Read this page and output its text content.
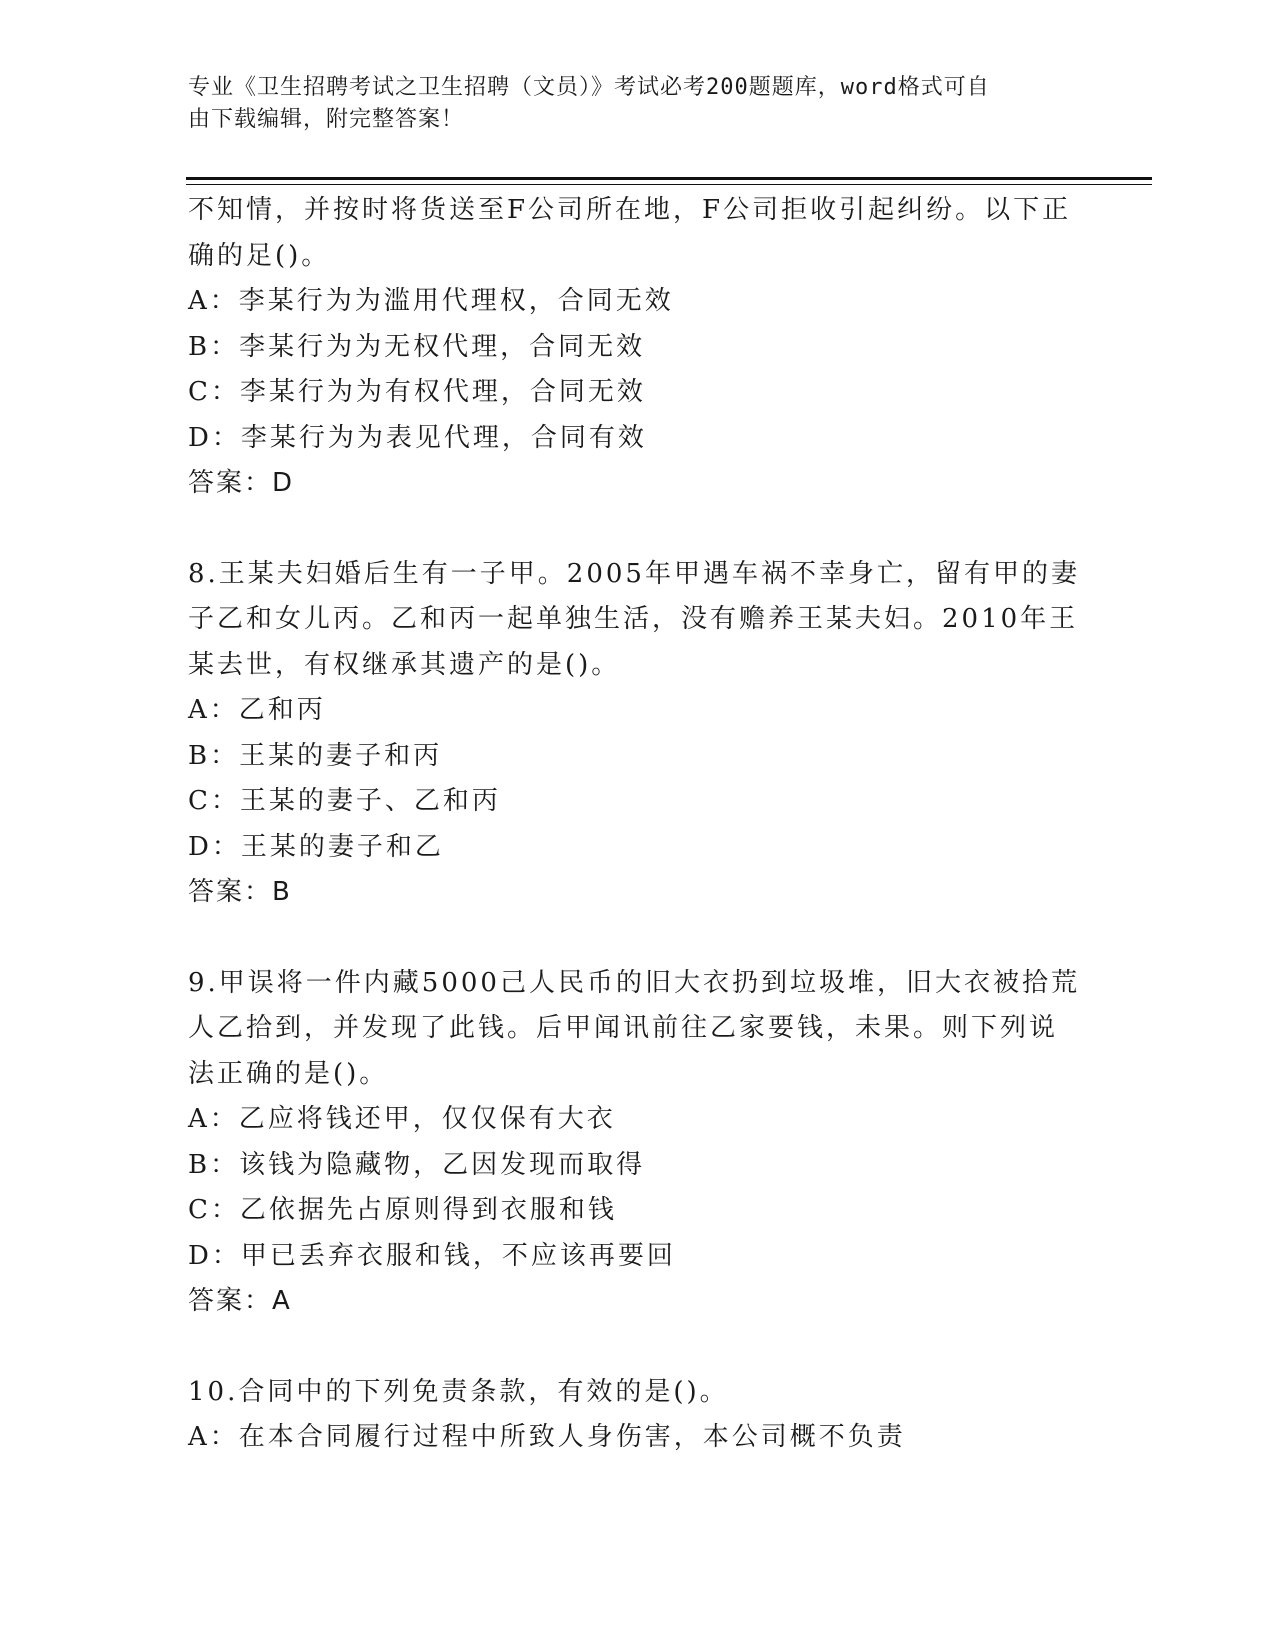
专业《卫生招聘考试之卫生招聘（文员）》考试必考200题题库，word格式可自
由下载编辑，附完整答案！
不知情，并按时将货送至F公司所在地，F公司拒收引起纠纷。以下正
确的足()。
A：李某行为为滥用代理权，合同无效
B：李某行为为无权代理，合同无效
C：李某行为为有权代理，合同无效
D：李某行为为表见代理，合同有效
答案：D
8.王某夫妇婚后生有一子甲。2005年甲遇车祸不幸身亡，留有甲的妻
子乙和女儿丙。乙和丙一起单独生活，没有赡养王某夫妇。2010年王
某去世，有权继承其遗产的是()。
A：乙和丙
B：王某的妻子和丙
C：王某的妻子、乙和丙
D：王某的妻子和乙
答案：B
9.甲误将一件内藏5000己人民币的旧大衣扔到垃圾堆，旧大衣被拾荒
人乙拾到，并发现了此钱。后甲闻讯前往乙家要钱，未果。则下列说
法正确的是()。
A：乙应将钱还甲，仅仅保有大衣
B：该钱为隐藏物，乙因发现而取得
C：乙依据先占原则得到衣服和钱
D：甲已丢弃衣服和钱，不应该再要回
答案：A
10.合同中的下列免责条款，有效的是()。
A：在本合同履行过程中所致人身伤害，本公司概不负责
